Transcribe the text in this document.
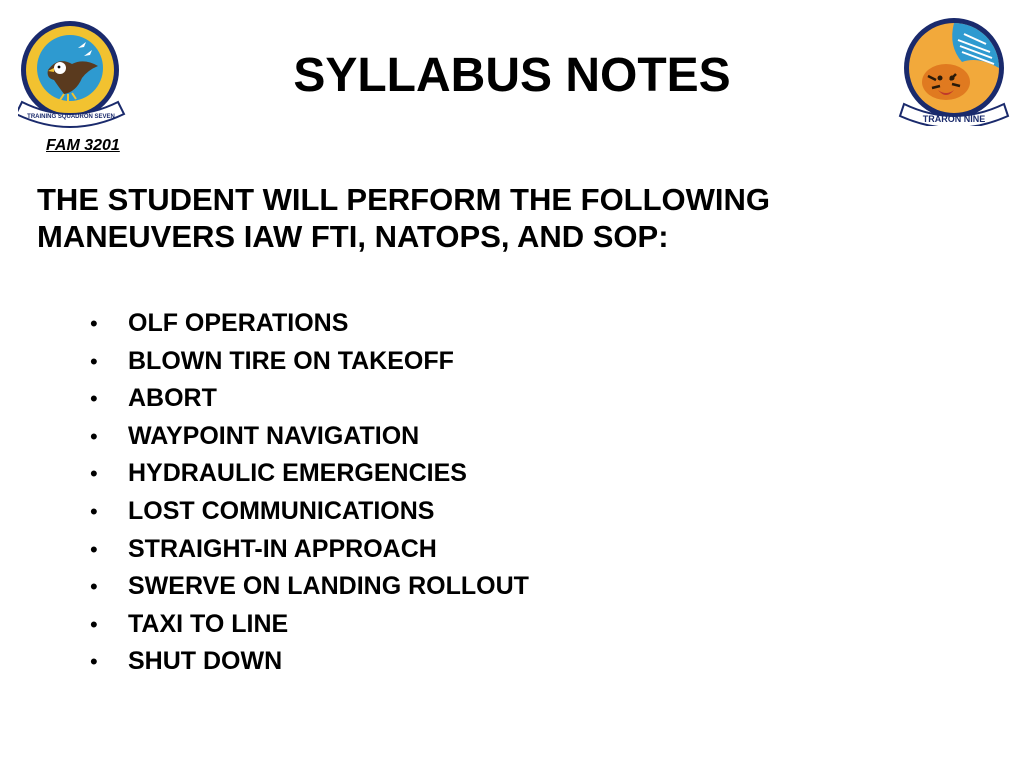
TRAINING SQUADRON SEVEN	TRARON NINE
SYLLABUS NOTES

FAM 3201

THE STUDENT WILL PERFORM THE FOLLOWING MANEUVERS IAW FTI, NATOPS, AND SOP:

• OLF OPERATIONS
• BLOWN TIRE ON TAKEOFF
• ABORT
• WAYPOINT NAVIGATION
• HYDRAULIC EMERGENCIES
• LOST COMMUNICATIONS
• STRAIGHT-IN APPROACH
• SWERVE ON LANDING ROLLOUT
• TAXI TO LINE
• SHUT DOWN
